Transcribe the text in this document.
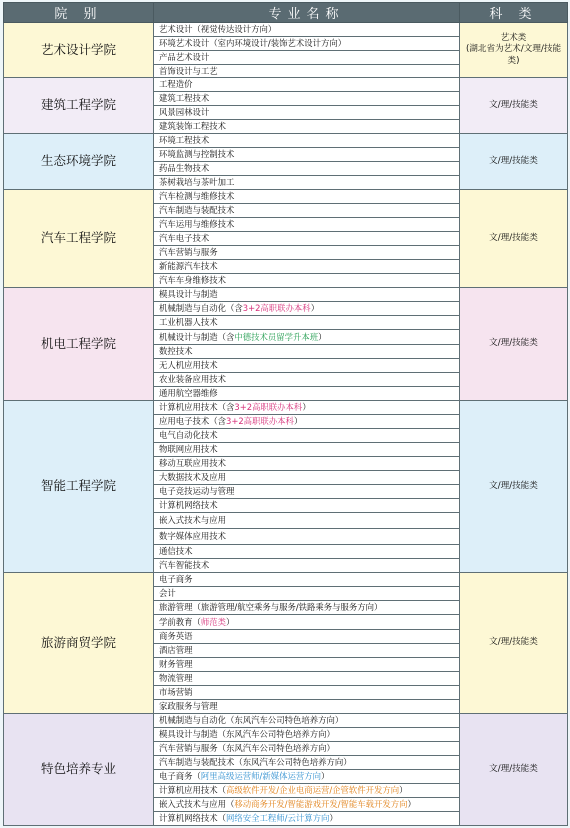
院 别	专业名称	科 类
艺术设计学院	艺术设计（视觉传达设计方向）	艺术类
(湖北省为艺术/文理/技能类)
	环境艺术设计（室内环境设计/装饰艺术设计方向）	
	产品艺术设计	
	首饰设计与工艺	
建筑工程学院	工程造价	文/理/技能类
	建筑工程技术	
	风景园林设计	
	建筑装饰工程技术	
生态环境学院	环境工程技术	文/理/技能类
	环境监测与控制技术	
	药品生物技术	
	茶树栽培与茶叶加工	
汽车工程学院	汽车检测与维修技术	文/理/技能类
	汽车制造与装配技术	
	汽车运用与维修技术	
	汽车电子技术	
	汽车营销与服务	
	新能源汽车技术	
	汽车车身维修技术	
机电工程学院	模具设计与制造	文/理/技能类
	机械制造与自动化（含3+2高职联办本科）	
	工业机器人技术	
	机械设计与制造（含中德技术员留学升本班）	
	数控技术	
	无人机应用技术	
	农业装备应用技术	
	通用航空器维修	
智能工程学院	计算机应用技术（含3+2高职联办本科）	文/理/技能类
	应用电子技术（含3+2高职联办本科）	
	电气自动化技术	
	物联网应用技术	
	移动互联应用技术	
	大数据技术及应用	
	电子竞技运动与管理	
	计算机网络技术	
	嵌入式技术与应用	
	数字媒体应用技术	
	通信技术	
	汽车智能技术	
旅游商贸学院	电子商务	文/理/技能类
	会计	
	旅游管理（旅游管理/航空乘务与服务/铁路乘务与服务方向）	
	学前教育（师范类）	
	商务英语	
	酒店管理	
	财务管理	
	物流管理	
	市场营销	
	家政服务与管理	
特色培养专业	机械制造与自动化（东风汽车公司特色培养方向）	文/理/技能类
	模具设计与制造（东风汽车公司特色培养方向）	
	汽车营销与服务（东风汽车公司特色培养方向）	
	汽车制造与装配技术（东风汽车公司特色培养方向）	
	电子商务（阿里高级运营师/新媒体运营方向）	
	计算机应用技术（高级软件开发/企业电商运营/企管软件开发方向）	
	嵌入式技术与应用（移动商务开发/智能游戏开发/智能车载开发方向）	
	计算机网络技术（网络安全工程师/云计算方向）	
